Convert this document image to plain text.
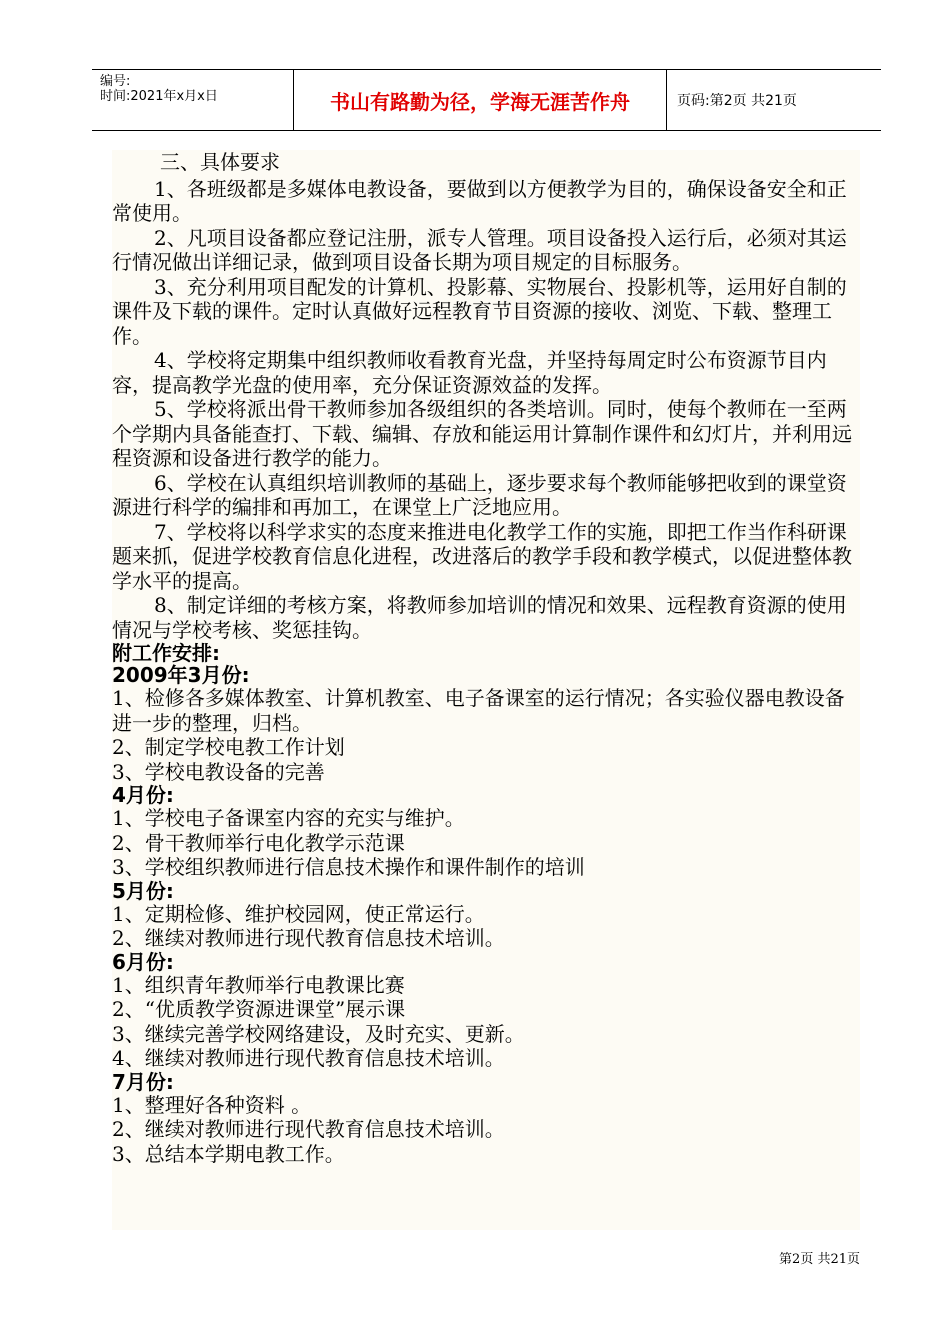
编号:
时间:2021年x月x日	书山有路勤为径，学海无涯苦作舟	页码:第2页 共21页

三、具体要求

1、各班级都是多媒体电教设备，要做到以方便教学为目的，确保设备安全和正常使用。

2、凡项目设备都应登记注册，派专人管理。项目设备投入运行后，必须对其运行情况做出详细记录，做到项目设备长期为项目规定的目标服务。

3、充分利用项目配发的计算机、投影幕、实物展台、投影机等，运用好自制的课件及下载的课件。定时认真做好远程教育节目资源的接收、浏览、下载、整理工作。

4、学校将定期集中组织教师收看教育光盘，并坚持每周定时公布资源节目内容，提高教学光盘的使用率，充分保证资源效益的发挥。

5、学校将派出骨干教师参加各级组织的各类培训。同时，使每个教师在一至两个学期内具备能查打、下载、编辑、存放和能运用计算制作课件和幻灯片，并利用远程资源和设备进行教学的能力。

6、学校在认真组织培训教师的基础上，逐步要求每个教师能够把收到的课堂资源进行科学的编排和再加工，在课堂上广泛地应用。

7、学校将以科学求实的态度来推进电化教学工作的实施，即把工作当作科研课题来抓，促进学校教育信息化进程，改进落后的教学手段和教学模式，以促进整体教学水平的提高。

8、制定详细的考核方案，将教师参加培训的情况和效果、远程教育资源的使用情况与学校考核、奖惩挂钩。

附工作安排:

2009年3月份:

1、检修各多媒体教室、计算机教室、电子备课室的运行情况；各实验仪器电教设备进一步的整理，归档。

2、制定学校电教工作计划

3、学校电教设备的完善

4月份:

1、学校电子备课室内容的充实与维护。

2、骨干教师举行电化教学示范课

3、学校组织教师进行信息技术操作和课件制作的培训

5月份:

1、定期检修、维护校园网，使正常运行。

2、继续对教师进行现代教育信息技术培训。

6月份:

1、组织青年教师举行电教课比赛

2、“优质教学资源进课堂”展示课

3、继续完善学校网络建设，及时充实、更新。

4、继续对教师进行现代教育信息技术培训。

7月份:

1、整理好各种资料 。

2、继续对教师进行现代教育信息技术培训。

3、总结本学期电教工作。

第2页 共21页
